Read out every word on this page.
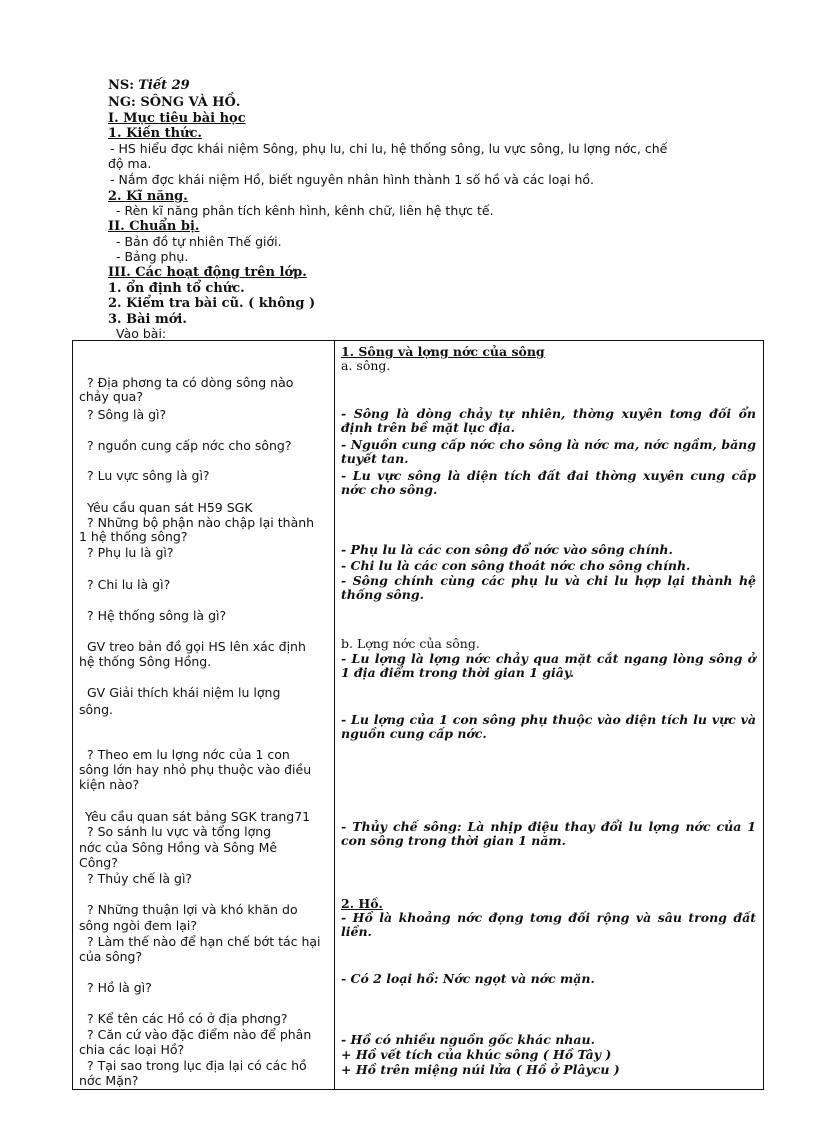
NS: Tiết 29
NG: SÔNG VÀ HỒ.
I. Mục tiêu bài học
1. Kiến thức.
- HS hiểu đợc khái niệm Sông, phụ lu, chi lu, hệ thống sông, lu vực sông, lu lợng nớc, chế
độ ma.
- Nắm đợc khái niệm Hồ, biết nguyên nhân hình thành 1 số hồ và các loại hồ.
2. Kĩ năng.
- Rèn kĩ năng phân tích kênh hình, kênh chữ, liên hệ thực tế.
II. Chuẩn bị.
- Bản đồ tự nhiên Thế giới.
- Bảng phụ.
III. Các hoạt động trên lớp.
1. ổn định tổ chức.
2. Kiểm tra bài cũ. ( không )
3. Bài mới.
Vào bài:
? Địa phơng ta có dòng sông nào
chảy qua?
? Sông là gì?
? nguồn cung cấp nớc cho sông?
? Lu vực sông là gì?
Yêu cầu quan sát H59 SGK
? Những bộ phận nào chập lại thành
1 hệ thống sông?
? Phụ lu là gì?
? Chi lu là gì?
? Hệ thống sông là gì?
GV treo bản đồ gọi HS lên xác định
hệ thống Sông Hồng.
GV Giải thích khái niệm lu lợng
sông.
? Theo em lu lợng nớc của 1 con
sông lớn hay nhỏ phụ thuộc vào điều
kiện nào?
Yêu cầu quan sát bảng SGK trang71
? So sánh lu vực và tổng lợng
nớc của Sông Hồng và Sông Mê
Công?
? Thủy chế là gì?
? Những thuận lợi và khó khăn do
sông ngòi đem lại?
? Làm thế nào để hạn chế bớt tác hại
của sông?
? Hồ là gì?
? Kể tên các Hồ có ở địa phơng?
? Căn cứ vào đặc điểm nào để phân
chia các loại Hồ?
? Tại sao trong lục địa lại có các hồ
nớc Mặn?

1. Sông và lợng nớc của sông
a. sông.
- Sông là dòng chảy tự nhiên, thờng xuyên tơng đối ổn định trên bề mặt lục địa.
- Nguồn cung cấp nớc cho sông là nớc ma, nớc ngầm, băng tuyết tan.
- Lu vực sông là diện tích đất đai thờng xuyên cung cấp nớc cho sông.
- Phụ lu là các con sông đổ nớc vào sông chính.
- Chi lu là các con sông thoát nớc cho sông chính.
- Sông chính cùng các phụ lu và chi lu hợp lại thành hệ thống sông.
b. Lợng nớc của sông.
- Lu lợng là lợng nớc chảy qua mặt cắt ngang lòng sông ở 1 địa điểm trong thời gian 1 giây.
- Lu lợng của 1 con sông phụ thuộc vào diện tích lu vực và nguồn cung cấp nớc.
- Thủy chế sông: Là nhịp điệu thay đổi lu lợng nớc của 1 con sông trong thời gian 1 năm.
2. Hồ.
- Hồ là khoảng nớc đọng tơng đối rộng và sâu trong đất liền.
- Có 2 loại hồ: Nớc ngọt và nớc mặn.
- Hồ có nhiều nguồn gốc khác nhau.
+ Hồ vết tích của khúc sông ( Hồ Tây )
+ Hồ trên miệng núi lửa ( Hồ ở Plâycu )
